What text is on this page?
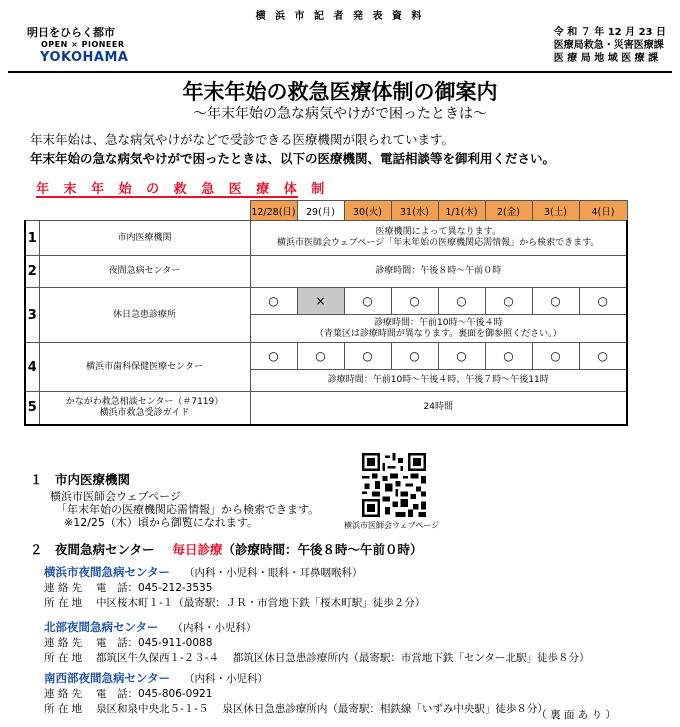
横 浜 市 記 者 発 表 資 料
明日をひらく都市
OPEN × PIONEER
YOKOHAMA
令 和 ７ 年 12 月 23 日
医療局救急・災害医療課
医 療 局 地 域 医 療 課
年末年始の救急医療体制の御案内
～年末年始の急な病気やけがで困ったときは～
年末年始は、急な病気やけがなどで受診できる医療機関が限られています。
年末年始の急な病気やけがで困ったときは、以下の医療機関、電話相談等を御利用ください。
年 末 年 始 の 救 急 医 療 体 制
		12/28(日)	29(月)	30(火)	31(水)	1/1(木)	2(金)	3(土)	4(日)
1	市内医療機関	医療機関によって異なります。
横浜市医師会ウェブページ「年末年始の医療機関応需情報」から検索できます。							

2	夜間急病センター	診療時間：午後８時～午前０時							
3	休日急患診療所	○	×	○	○	○	○	○	○

		診療時間：午前10時～午後４時
（青葉区は診療時間が異なります。裏面を御参照ください。）							

4	横浜市歯科保健医療センター	○	○	○	○	○	○	○	○
		診療時間：午前10時～午後４時、午後７時～午後11時							
5	かながわ救急相談センター（＃7119）
横浜市救急受診ガイド	24時間							
１　市内医療機関
横浜市医師会ウェブページ
「年末年始の医療機関応需情報」から検索できます。
※12/25（木）頃から御覧になれます。	横浜市医師会ウェブページ
２　夜間急病センター 毎日診療（診療時間：午後８時～午前０時）
横浜市夜間急病センター （内科・小児科・眼科・耳鼻咽喉科）
連 絡 先　 電　話：045-212-3535
所 在 地　 中区桜木町１-１（最寄駅：ＪＲ・市営地下鉄「桜木町駅」徒歩２分）
北部夜間急病センター （内科・小児科）
連 絡 先　 電　話：045-911-0088
所 在 地　 都筑区牛久保西１-２３-４　 都筑区休日急患診療所内（最寄駅：市営地下鉄「センター北駅」徒歩８分）
南西部夜間急病センター （内科・小児科）
連 絡 先　 電　話：045-806-0921
所 在 地　 泉区和泉中央北５-１-５　 泉区休日急患診療所内（最寄駅：相鉄線「いずみ中央駅」徒歩８分）
（ 裏 面 あ り ）
